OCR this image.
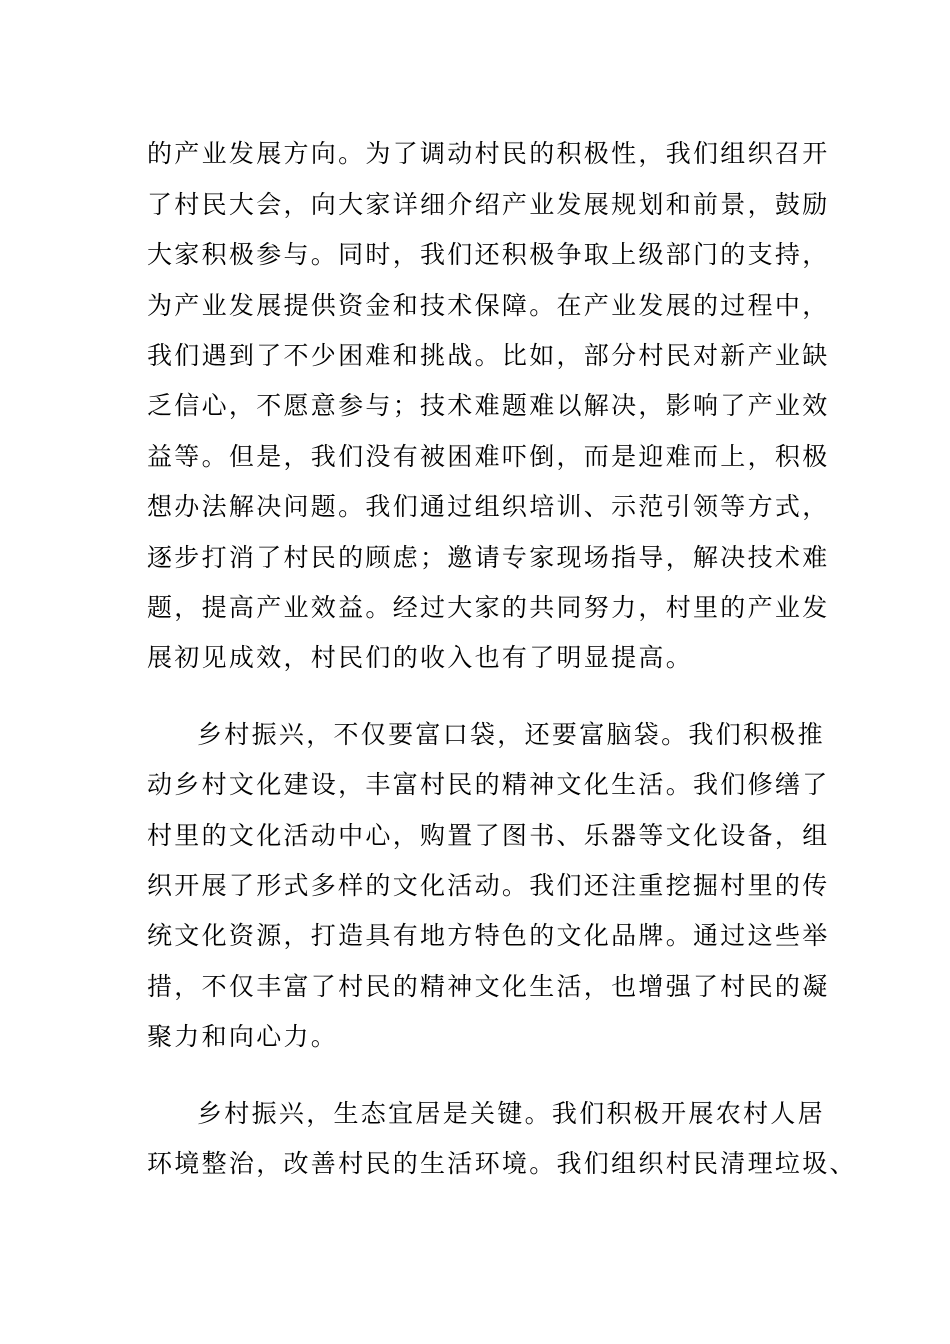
的产业发展方向。为了调动村民的积极性，我们组织召开
了村民大会，向大家详细介绍产业发展规划和前景，鼓励
大家积极参与。同时，我们还积极争取上级部门的支持，
为产业发展提供资金和技术保障。在产业发展的过程中，
我们遇到了不少困难和挑战。比如，部分村民对新产业缺
乏信心，不愿意参与；技术难题难以解决，影响了产业效
益等。但是，我们没有被困难吓倒，而是迎难而上，积极
想办法解决问题。我们通过组织培训、示范引领等方式，
逐步打消了村民的顾虑；邀请专家现场指导，解决技术难
题，提高产业效益。经过大家的共同努力，村里的产业发
展初见成效，村民们的收入也有了明显提高。
乡村振兴，不仅要富口袋，还要富脑袋。我们积极推
动乡村文化建设，丰富村民的精神文化生活。我们修缮了
村里的文化活动中心，购置了图书、乐器等文化设备，组
织开展了形式多样的文化活动。我们还注重挖掘村里的传
统文化资源，打造具有地方特色的文化品牌。通过这些举
措，不仅丰富了村民的精神文化生活，也增强了村民的凝
聚力和向心力。
乡村振兴，生态宜居是关键。我们积极开展农村人居
环境整治，改善村民的生活环境。我们组织村民清理垃圾、
